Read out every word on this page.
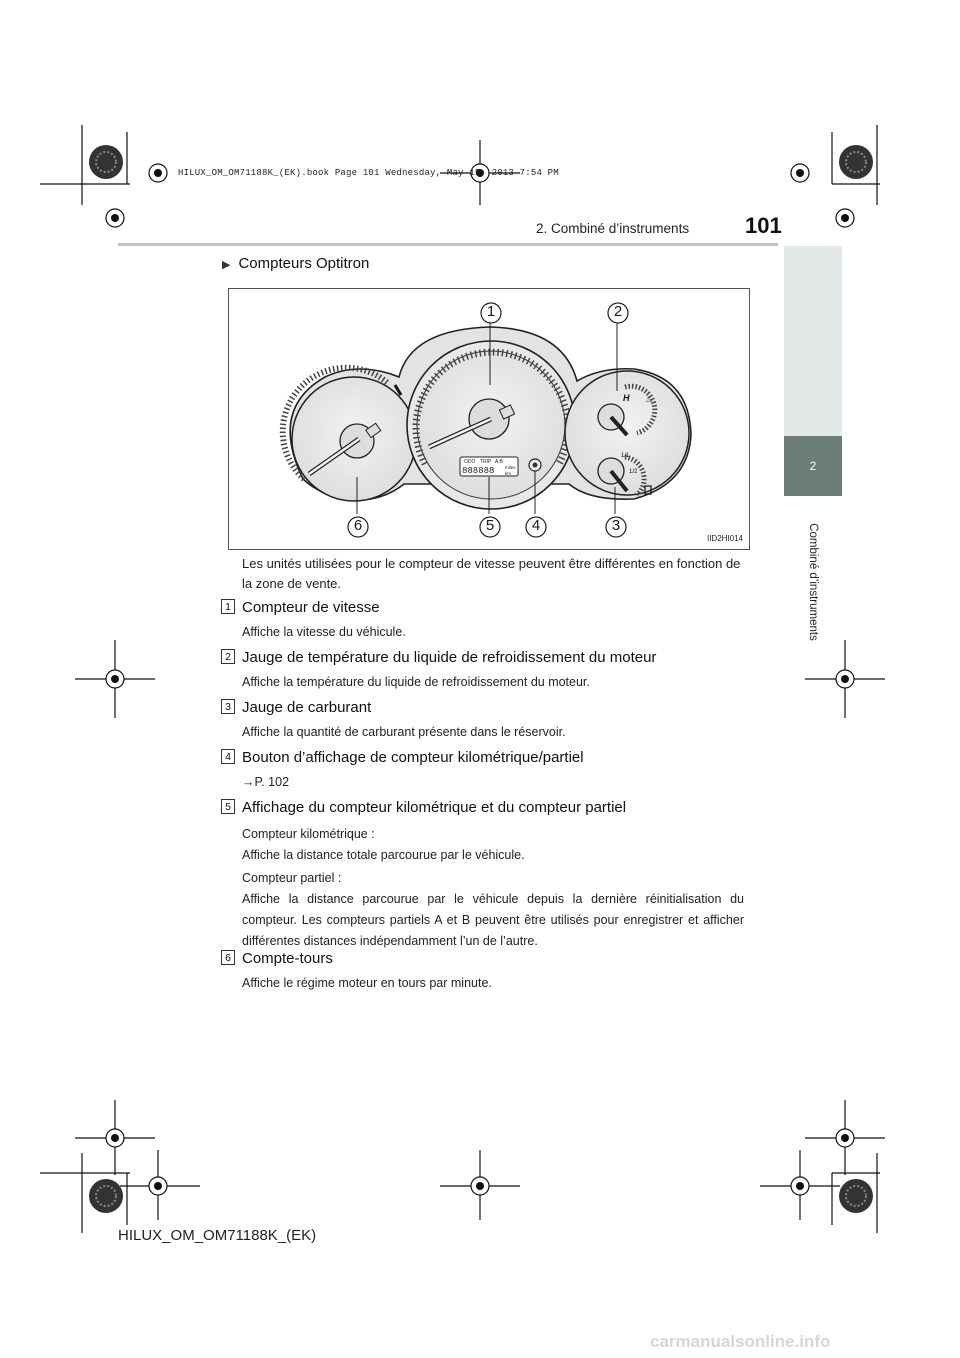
HILUX_OM_OM71188K_(EK).book Page 101 Wednesday, May 15, 2013 7:54 PM
2. Combiné d’instruments	101
2
Combiné d’instruments
▶ Compteurs Optitron
ODO TRIP A B
888888 miles
km
H ♨
1/1
1/2
1	2
3
4
5
6
IID2HI014
Les unités utilisées pour le compteur de vitesse peuvent être différentes en fonction de la zone de vente.
1 Compteur de vitesse
Affiche la vitesse du véhicule.
2 Jauge de température du liquide de refroidissement du moteur
Affiche la température du liquide de refroidissement du moteur.
3 Jauge de carburant
Affiche la quantité de carburant présente dans le réservoir.
4 Bouton d’affichage de compteur kilométrique/partiel
→P. 102
5 Affichage du compteur kilométrique et du compteur partiel
Compteur kilométrique :
Affiche la distance totale parcourue par le véhicule.
Compteur partiel :
Affiche la distance parcourue par le véhicule depuis la dernière réinitialisation du compteur. Les compteurs partiels A et B peuvent être utilisés pour enregistrer et afficher différentes distances indépendamment l’un de l’autre.
6 Compte-tours
Affiche le régime moteur en tours par minute.
HILUX_OM_OM71188K_(EK)
carmanualsonline.info
